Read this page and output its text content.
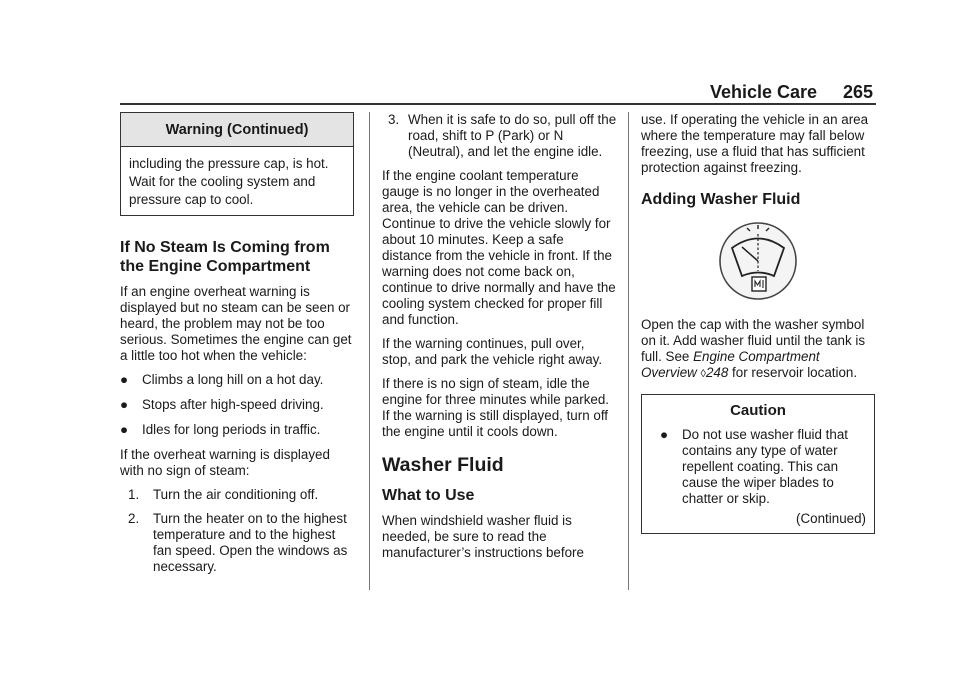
Vehicle Care 265
Warning (Continued)
including the pressure cap, is hot. Wait for the cooling system and pressure cap to cool.
If No Steam Is Coming from
the Engine Compartment

If an engine overheat warning is displayed but no steam can be seen or heard, the problem may not be too serious. Sometimes the engine can get a little too hot when the vehicle:

● Climbs a long hill on a hot day.
● Stops after high-speed driving.
● Idles for long periods in traffic.

If the overheat warning is displayed with no sign of steam:

1. Turn the air conditioning off.
2. Turn the heater on to the highest temperature and to the highest fan speed. Open the windows as necessary.
3. When it is safe to do so, pull off the road, shift to P (Park) or N (Neutral), and let the engine idle.

If the engine coolant temperature gauge is no longer in the overheated area, the vehicle can be driven. Continue to drive the vehicle slowly for about 10 minutes. Keep a safe distance from the vehicle in front. If the warning does not come back on, continue to drive normally and have the cooling system checked for proper fill and function.

If the warning continues, pull over, stop, and park the vehicle right away.

If there is no sign of steam, idle the engine for three minutes while parked. If the warning is still displayed, turn off the engine until it cools down.

Washer Fluid
What to Use

When windshield washer fluid is needed, be sure to read the manufacturer’s instructions before

use. If operating the vehicle in an area where the temperature may fall below freezing, use a fluid that has sufficient protection against freezing.

Adding Washer Fluid

Open the cap with the washer symbol on it. Add washer fluid until the tank is full. See Engine Compartment Overview ◊248 for reservoir location.

Caution
● Do not use washer fluid that contains any type of water repellent coating. This can cause the wiper blades to chatter or skip.
(Continued)
